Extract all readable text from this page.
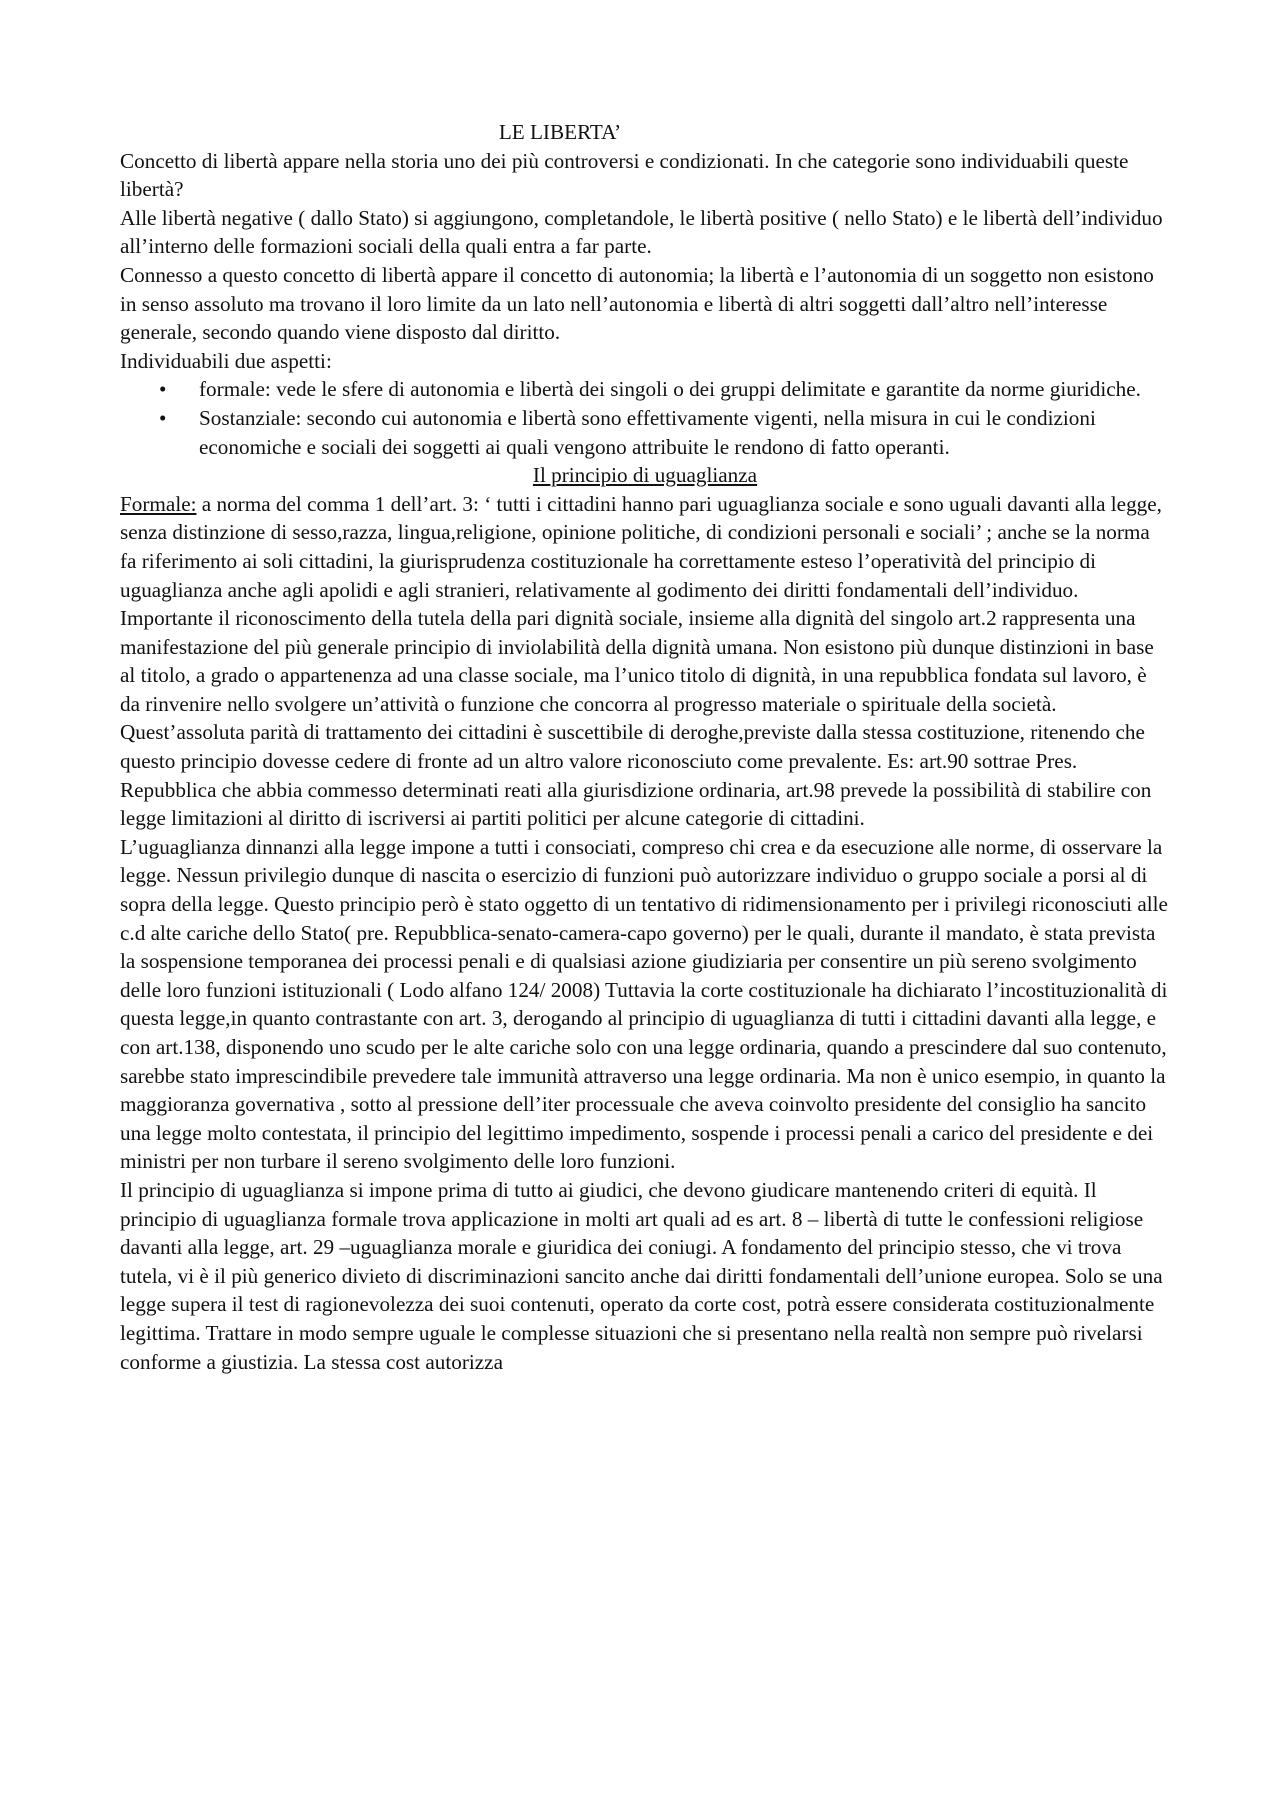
LE LIBERTA’

Concetto di libertà appare nella storia uno dei più controversi e condizionati. In che categorie sono individuabili queste libertà?

Alle libertà negative ( dallo Stato) si aggiungono, completandole, le libertà positive ( nello Stato) e le libertà dell’individuo all’interno delle formazioni sociali della quali entra a far parte.

Connesso a questo concetto di libertà appare il concetto di autonomia; la libertà e l’autonomia di un soggetto non esistono in senso assoluto ma trovano il loro limite da un lato nell’autonomia e libertà di altri soggetti dall’altro nell’interesse generale, secondo quando viene disposto dal diritto.

Individuabili due aspetti:

• formale: vede le sfere di autonomia e libertà dei singoli o dei gruppi delimitate e garantite da norme giuridiche.
• Sostanziale: secondo cui autonomia e libertà sono effettivamente vigenti, nella misura in cui le condizioni economiche e sociali dei soggetti ai quali vengono attribuite le rendono di fatto operanti.

Il principio di uguaglianza

Formale: a norma del comma 1 dell’art. 3: ‘ tutti i cittadini hanno pari uguaglianza sociale e sono uguali davanti alla legge, senza distinzione di sesso,razza, lingua,religione, opinione politiche, di condizioni personali e sociali’ ; anche se la norma fa riferimento ai soli cittadini, la giurisprudenza costituzionale ha correttamente esteso l’operatività del principio di uguaglianza anche agli apolidi e agli stranieri, relativamente al godimento dei diritti fondamentali dell’individuo. Importante il riconoscimento della tutela della pari dignità sociale, insieme alla dignità del singolo art.2 rappresenta una manifestazione del più generale principio di inviolabilità della dignità umana. Non esistono più dunque distinzioni in base al titolo, a grado o appartenenza ad una classe sociale, ma l’unico titolo di dignità, in una repubblica fondata sul lavoro, è da rinvenire nello svolgere un’attività o funzione che concorra al progresso materiale o spirituale della società.

Quest’assoluta parità di trattamento dei cittadini è suscettibile di deroghe,previste dalla stessa costituzione, ritenendo che questo principio dovesse cedere di fronte ad un altro valore riconosciuto come prevalente. Es: art.90 sottrae Pres. Repubblica che abbia commesso determinati reati alla giurisdizione ordinaria, art.98 prevede la possibilità di stabilire con legge limitazioni al diritto di iscriversi ai partiti politici per alcune categorie di cittadini.

L’uguaglianza dinnanzi alla legge impone a tutti i consociati, compreso chi crea e da esecuzione alle norme, di osservare la legge. Nessun privilegio dunque di nascita o esercizio di funzioni può autorizzare individuo o gruppo sociale a porsi al di sopra della legge. Questo principio però è stato oggetto di un tentativo di ridimensionamento per i privilegi riconosciuti alle c.d alte cariche dello Stato( pre. Repubblica-senato-camera-capo governo) per le quali, durante il mandato, è stata prevista la sospensione temporanea dei processi penali e di qualsiasi azione giudiziaria per consentire un più sereno svolgimento delle loro funzioni istituzionali ( Lodo alfano 124/ 2008) Tuttavia la corte costituzionale ha dichiarato l’incostituzionalità di questa legge,in quanto contrastante con art. 3, derogando al principio di uguaglianza di tutti i cittadini davanti alla legge, e con art.138, disponendo uno scudo per le alte cariche solo con una legge ordinaria, quando a prescindere dal suo contenuto, sarebbe stato imprescindibile prevedere tale immunità attraverso una legge ordinaria. Ma non è unico esempio, in quanto la maggioranza governativa , sotto al pressione dell’iter processuale che aveva coinvolto presidente del consiglio ha sancito una legge molto contestata, il principio del legittimo impedimento, sospende i processi penali a carico del presidente e dei ministri per non turbare il sereno svolgimento delle loro funzioni.

Il principio di uguaglianza si impone prima di tutto ai giudici, che devono giudicare mantenendo criteri di equità. Il principio di uguaglianza formale trova applicazione in molti art quali ad es art. 8 – libertà di tutte le confessioni religiose davanti alla legge, art. 29 –uguaglianza morale e giuridica dei coniugi. A fondamento del principio stesso, che vi trova tutela, vi è il più generico divieto di discriminazioni sancito anche dai diritti fondamentali dell’unione europea. Solo se una legge supera il test di ragionevolezza dei suoi contenuti, operato da corte cost, potrà essere considerata costituzionalmente legittima. Trattare in modo sempre uguale le complesse situazioni che si presentano nella realtà non sempre può rivelarsi conforme a giustizia. La stessa cost autorizza
